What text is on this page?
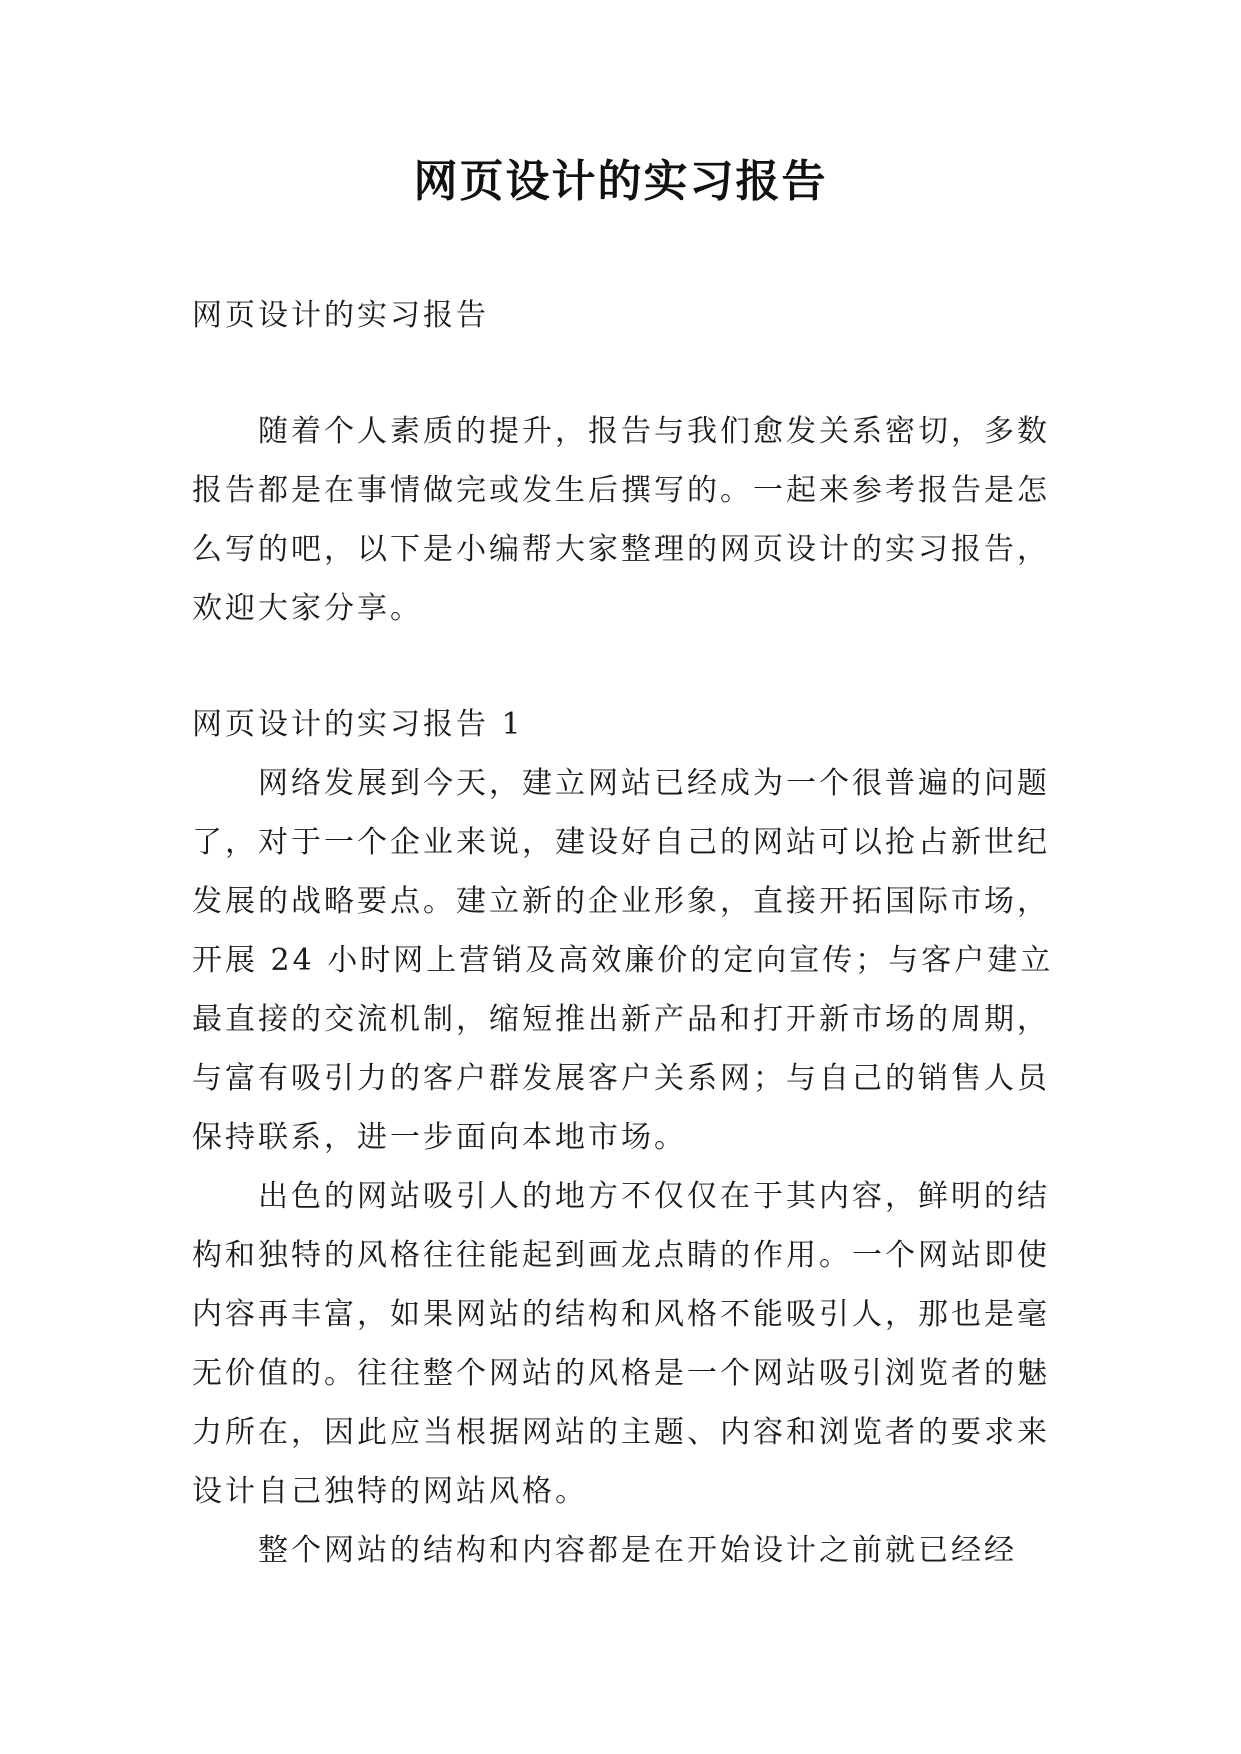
网页设计的实习报告
网页设计的实习报告
随着个人素质的提升，报告与我们愈发关系密切，多数
报告都是在事情做完或发生后撰写的。一起来参考报告是怎
么写的吧，以下是小编帮大家整理的网页设计的实习报告，
欢迎大家分享。
网页设计的实习报告 1
网络发展到今天，建立网站已经成为一个很普遍的问题
了，对于一个企业来说，建设好自己的网站可以抢占新世纪
发展的战略要点。建立新的企业形象，直接开拓国际市场，
开展 24 小时网上营销及高效廉价的定向宣传；与客户建立
最直接的交流机制，缩短推出新产品和打开新市场的周期，
与富有吸引力的客户群发展客户关系网；与自己的销售人员
保持联系，进一步面向本地市场。
出色的网站吸引人的地方不仅仅在于其内容，鲜明的结
构和独特的风格往往能起到画龙点睛的作用。一个网站即使
内容再丰富，如果网站的结构和风格不能吸引人，那也是毫
无价值的。往往整个网站的风格是一个网站吸引浏览者的魅
力所在，因此应当根据网站的主题、内容和浏览者的要求来
设计自己独特的网站风格。
整个网站的结构和内容都是在开始设计之前就已经经
